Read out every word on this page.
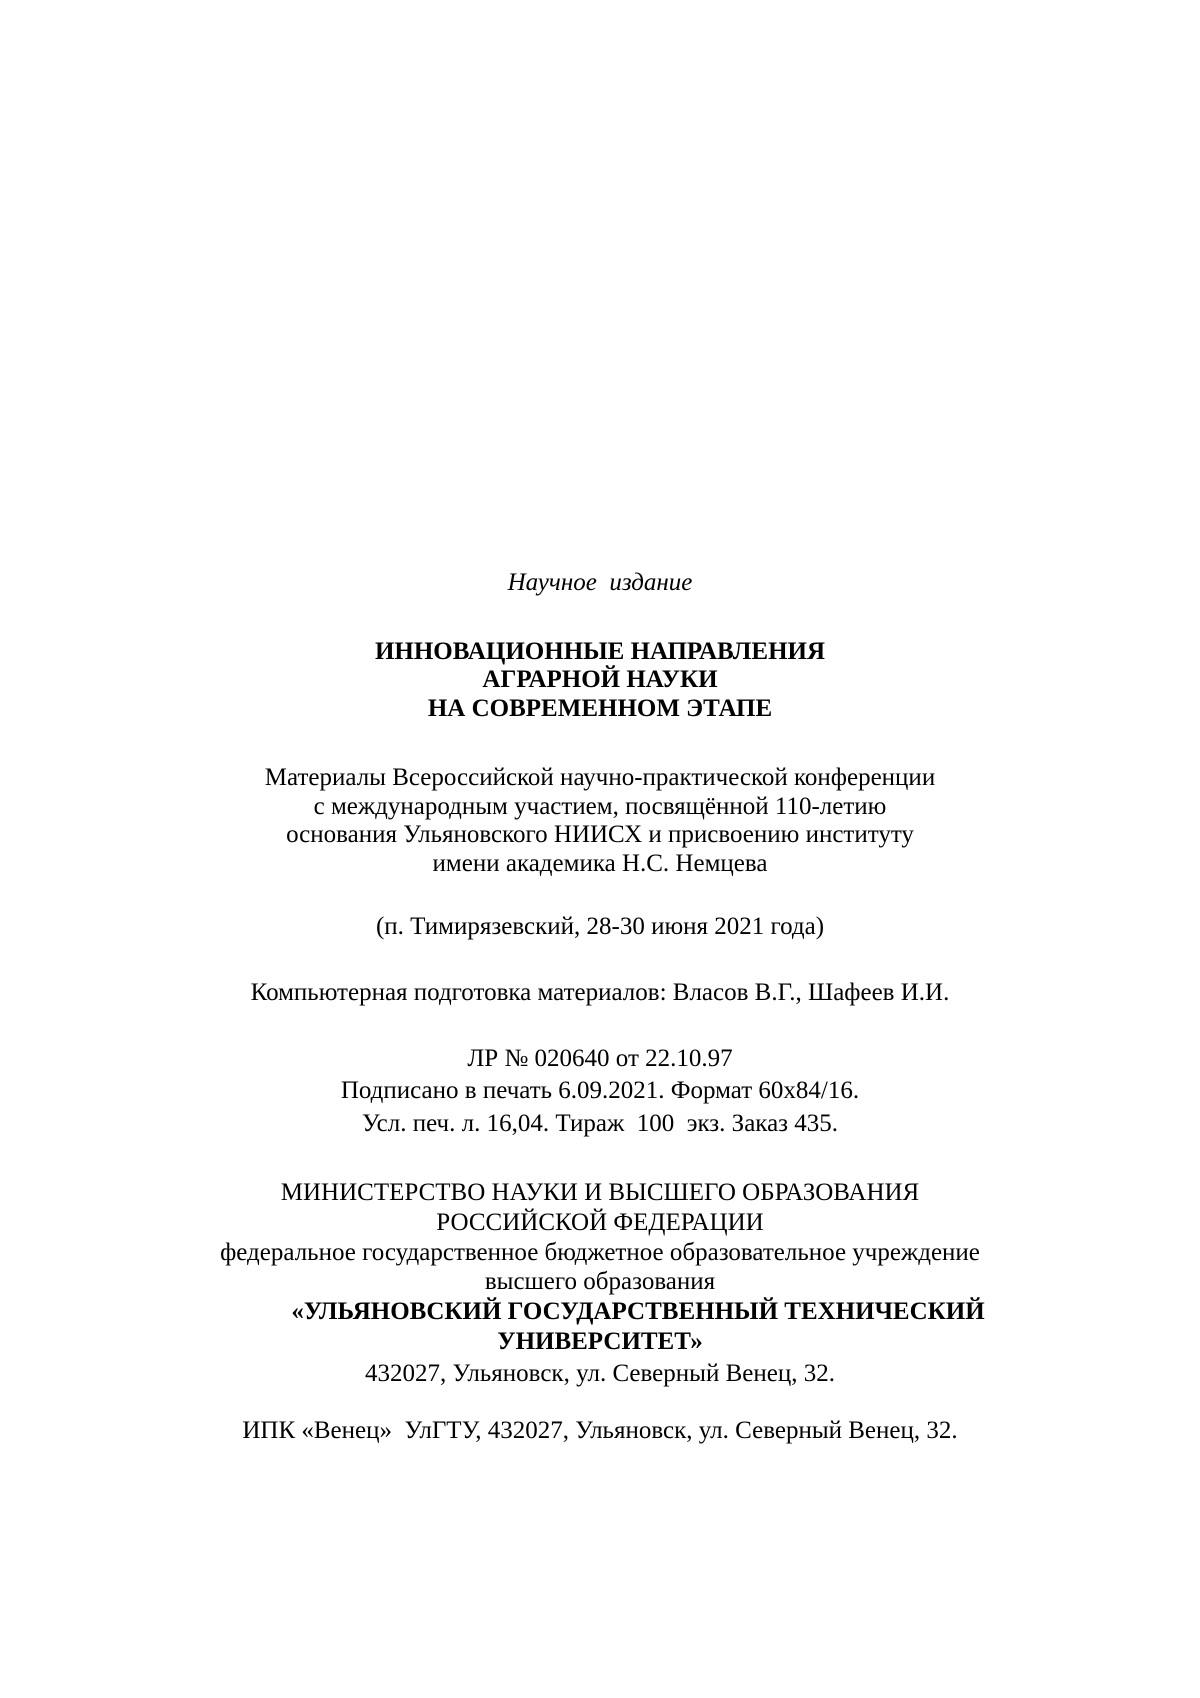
Научное  издание
ИННОВАЦИОННЫЕ НАПРАВЛЕНИЯ
АГРАРНОЙ НАУКИ
НА СОВРЕМЕННОМ ЭТАПЕ
Материалы Всероссийской научно-практической конференции
с международным участием, посвящённой 110-летию
основания Ульяновского НИИСХ и присвоению институту
имени академика Н.С. Немцева
(п. Тимирязевский, 28-30 июня 2021 года)
Компьютерная подготовка материалов: Власов В.Г., Шафеев И.И.
ЛР № 020640 от 22.10.97
Подписано в печать 6.09.2021. Формат 60х84/16.
Усл. печ. л. 16,04. Тираж  100  экз. Заказ 435.
МИНИСТЕРСТВО НАУКИ И ВЫСШЕГО ОБРАЗОВАНИЯ
РОССИЙСКОЙ ФЕДЕРАЦИИ
федеральное государственное бюджетное образовательное учреждение
высшего образования
«УЛЬЯНОВСКИЙ ГОСУДАРСТВЕННЫЙ ТЕХНИЧЕСКИЙ
УНИВЕРСИТЕТ»
432027, Ульяновск, ул. Северный Венец, 32.
ИПК «Венец»  УлГТУ, 432027, Ульяновск, ул. Северный Венец, 32.
